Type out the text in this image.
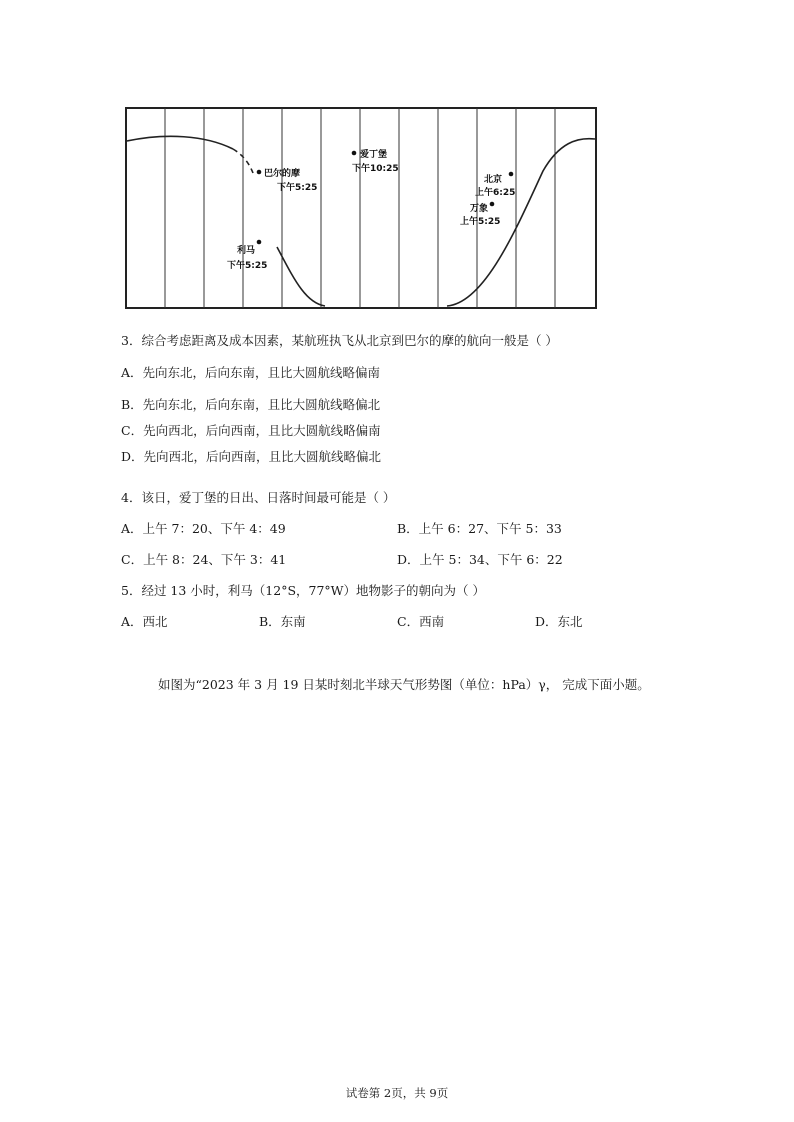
巴尔的摩
下午5:25
爱丁堡
下午10:25
北京
上午6:25
万象
上午5:25
利马
下午5:25
3．综合考虑距离及成本因素，某航班执飞从北京到巴尔的摩的航向一般是（ ）
A．先向东北，后向东南，且比大圆航线略偏南
B．先向东北，后向东南，且比大圆航线略偏北
C．先向西北，后向西南，且比大圆航线略偏南
D．先向西北，后向西南，且比大圆航线略偏北
4．该日，爱丁堡的日出、日落时间最可能是（ ）
A．上午 7：20、下午 4：49	B．上午 6：27、下午 5：33
C．上午 8：24、下午 3：41	D．上午 5：34、下午 6：22
5．经过 13 小时，利马（12°S，77°W）地物影子的朝向为（ ）
A．西北	B．东南	C．西南	D．东北
如图为“2023 年 3 月 19 日某时刻北半球天气形势图（单位：hPa）γ， 完成下面小题。
试卷第 2页，共 9页
